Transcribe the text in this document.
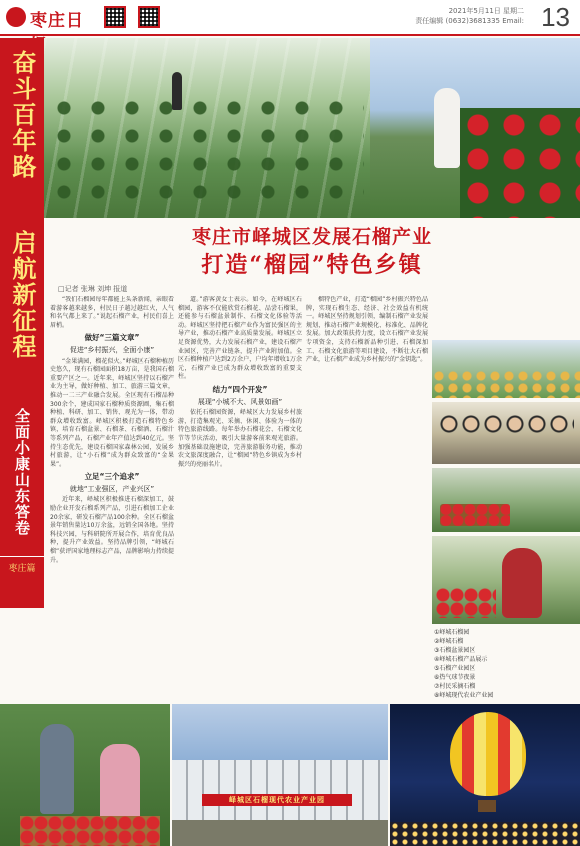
枣庄日	2021年5月11日 星期二
责任编辑 (0632)3681335 Email: 13
奋斗百年路
启航新征程
全面小康山东答卷
枣庄篇
枣庄市峄城区发展石榴产业
打造“榴园”特色乡镇
□记者 张琳 刘坤 报道

“我们石榴园每年都能上头条新闻，亲眼看着游客越来越多，村民日子越过越红火，人气和名气都上来了。”说起石榴产业，村民们喜上眉梢。

做好“三篇文章”
促进“乡村振兴，全面小康”

“金果满园，榴花似火。”峄城区石榴种植历史悠久，现有石榴园面积18万亩，是我国石榴重要产区之一。近年来，峄城区坚持以石榴产业为主导，做好种植、加工、旅游三篇文章，推动一二三产业融合发展。全区现有石榴品种300余个，建成国家石榴种质资源圃，集石榴种植、科研、加工、销售、观光为一体，带动群众增收致富。峄城区积极打造石榴特色乡镇，培育石榴盆景、石榴茶、石榴酒、石榴汁等系列产品，石榴产业年产值达到40亿元。坚持生态优先，建设石榴国家森林公园，发展乡村旅游，让“小石榴”成为群众致富的“金果果”。

立足“三个追求”
就地“工业强区，产业兴区”

近年来，峄城区积极推进石榴深加工，鼓励企业开发石榴系列产品，引进石榴加工企业20余家，研发石榴产品100余种。全区石榴盆景年销售量达10万余盆，远销全国各地。坚持科技兴园，与科研院所开展合作，培育优良品种，提升产业效益。坚持品牌引领，“峄城石榴”获评国家地理标志产品，品牌影响力持续提升。

道。”游客黄女士表示。如今，在峄城区石榴园，游客不仅能欣赏石榴花、品尝石榴果，还能参与石榴盆景制作、石榴文化体验等活动。峄城区坚持把石榴产业作为富民强区的主导产业，推动石榴产业高质量发展。峄城区立足资源优势，大力发展石榴产业，建设石榴产业园区，完善产业链条，提升产业附加值。全区石榴种植户达到2万余户，户均年增收1万余元，石榴产业已成为群众增收致富的重要支柱。

结力“四个开发”
展现“小城不大、风景如画”

依托石榴园资源，峄城区大力发展乡村旅游，打造集观光、采摘、休闲、体验为一体的特色旅游线路。每年举办石榴花会、石榴文化节等节庆活动，吸引大量游客前来观光旅游。加强基础设施建设，完善旅游服务功能，推动农文旅深度融合，让“榴园”特色乡镇成为乡村振兴的亮丽名片。

榴特色产业，打造“榴园”乡村振兴特色品牌，实现石榴生态、经济、社会效益有机统一。峄城区坚持规划引领，编制石榴产业发展规划，推动石榴产业规模化、标准化、品牌化发展。加大政策扶持力度，设立石榴产业发展专项资金，支持石榴新品种引进、石榴深加工、石榴文化旅游等项目建设，不断壮大石榴产业，让石榴产业成为乡村振兴的“金钥匙”。

①峄城石榴园
②峄城石榴
③石榴盆景园区
④峄城石榴产品展示
⑤石榴产业园区
⑥热气球节夜景
⑦村民采摘石榴
⑧峄城现代农业产业园
峄城区石榴现代农业产业园
